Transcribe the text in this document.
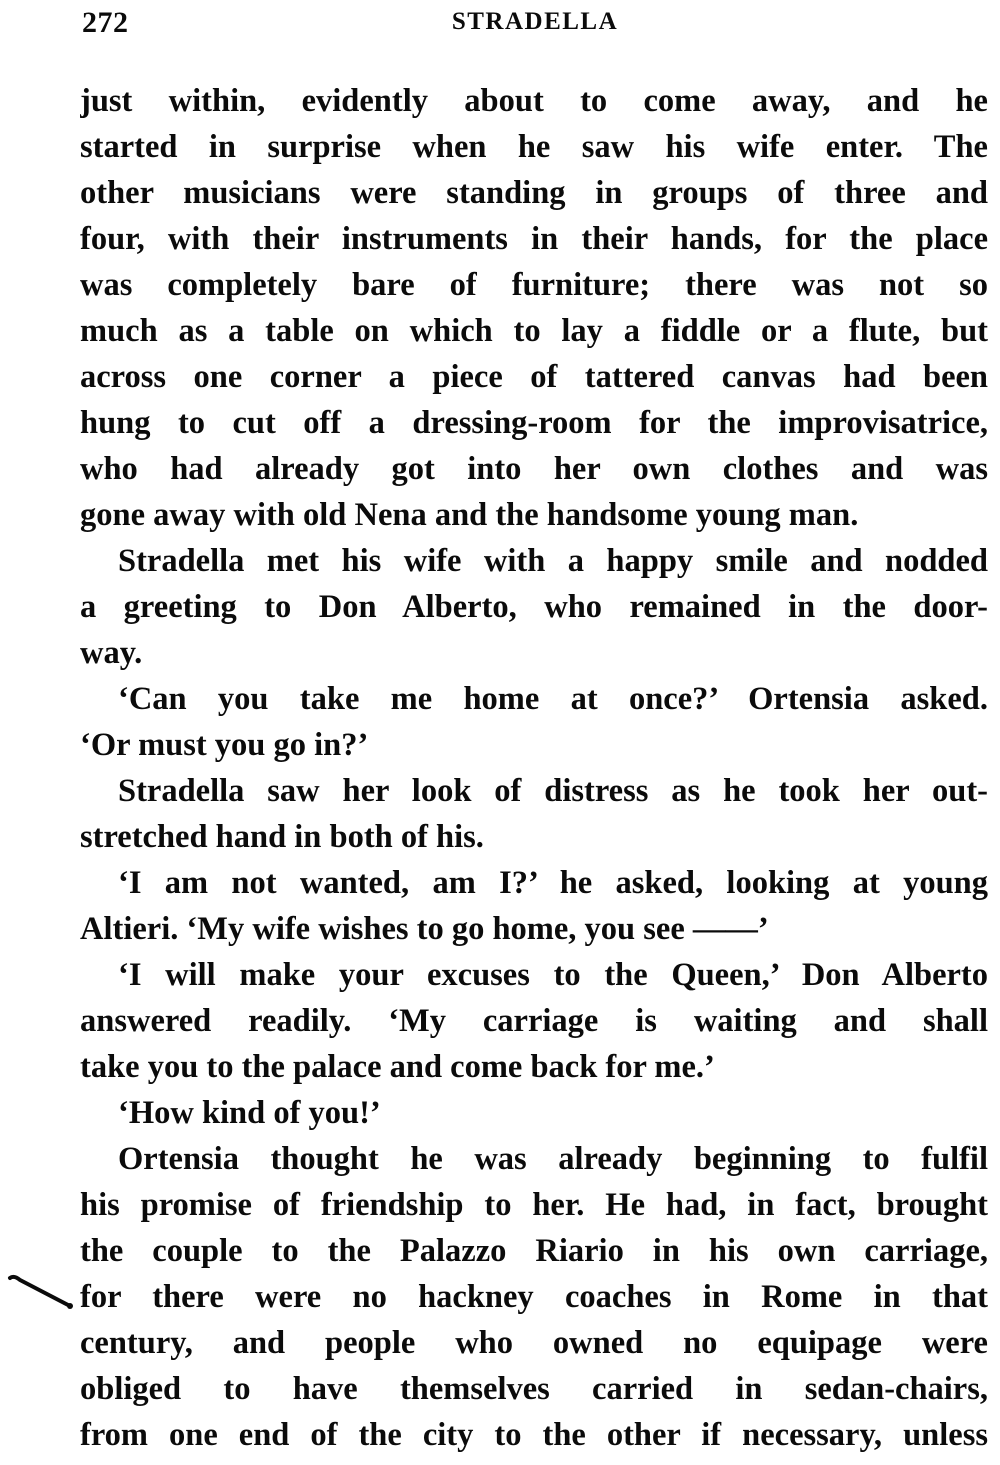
272	STRADELLA
just within, evidently about to come away, and he
started in surprise when he saw his wife enter. The
other musicians were standing in groups of three and
four, with their instruments in their hands, for the place
was completely bare of furniture; there was not so
much as a table on which to lay a fiddle or a flute, but
across one corner a piece of tattered canvas had been
hung to cut off a dressing-room for the improvisatrice,
who had already got into her own clothes and was
gone away with old Nena and the handsome young man.
Stradella met his wife with a happy smile and nodded
a greeting to Don Alberto, who remained in the door-
way.
‘Can you take me home at once?’ Ortensia asked.
‘Or must you go in?’
Stradella saw her look of distress as he took her out-
stretched hand in both of his.
‘I am not wanted, am I?’ he asked, looking at young
Altieri. ‘My wife wishes to go home, you see ——’
‘I will make your excuses to the Queen,’ Don Alberto
answered readily. ‘My carriage is waiting and shall
take you to the palace and come back for me.’
‘How kind of you!’
Ortensia thought he was already beginning to fulfil
his promise of friendship to her. He had, in fact, brought
the couple to the Palazzo Riario in his own carriage,
for there were no hackney coaches in Rome in that
century, and people who owned no equipage were
obliged to have themselves carried in sedan-chairs,
from one end of the city to the other if necessary, unless
